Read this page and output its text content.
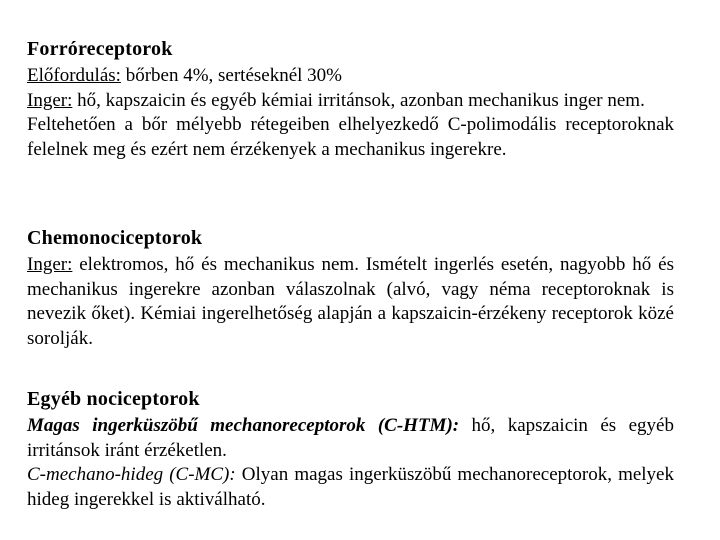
Forróreceptorok

Előfordulás: bőrben 4%, sertéseknél 30%

Inger: hő, kapszaicin és egyéb kémiai irritánsok, azonban mechanikus inger nem.

Feltehetően a bőr mélyebb rétegeiben elhelyezkedő C-polimodális receptoroknak felelnek meg és ezért nem érzékenyek a mechanikus ingerekre.

Chemonociceptorok

Inger: elektromos, hő és mechanikus nem. Ismételt ingerlés esetén, nagyobb hő és mechanikus ingerekre azonban válaszolnak (alvó, vagy néma receptoroknak is nevezik őket). Kémiai ingerelhetőség alapján a kapszaicin-érzékeny receptorok közé sorolják.

Egyéb nociceptorok

Magas ingerküszöbű mechanoreceptorok (C-HTM): hő, kapszaicin és egyéb irritánsok iránt érzéketlen.

C-mechano-hideg (C-MC): Olyan magas ingerküszöbű mechanoreceptorok, melyek hideg ingerekkel is aktiválható.
